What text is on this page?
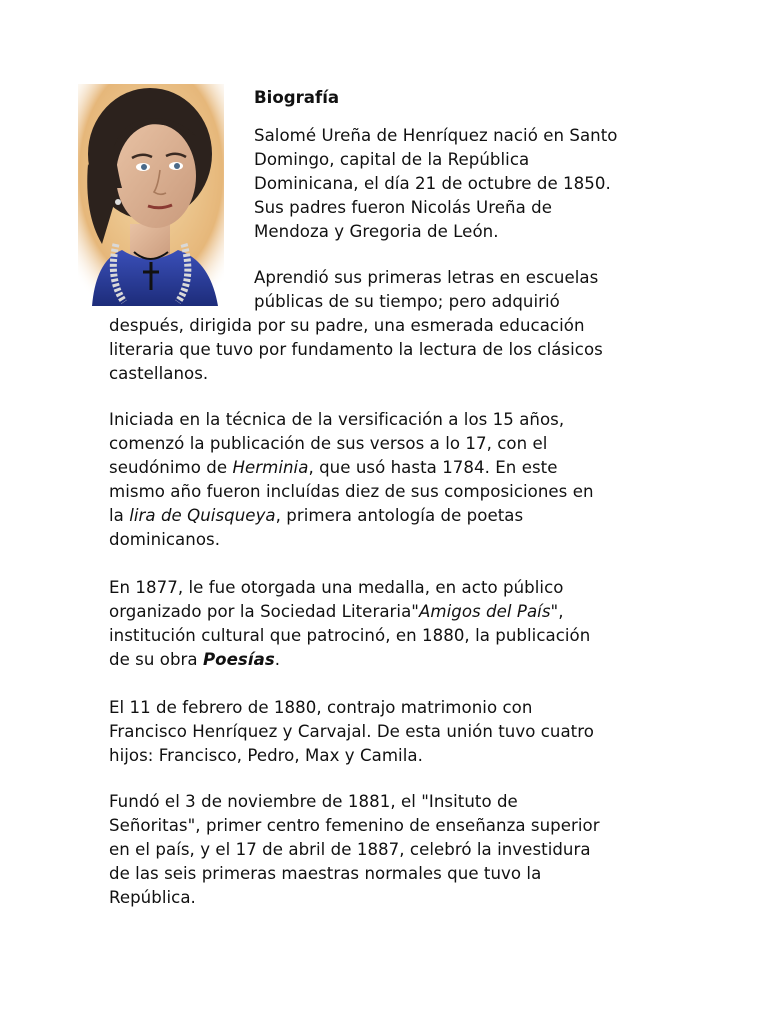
Biografía
Salomé Ureña de Henríquez nació en Santo
Domingo, capital de la República
Dominicana, el día 21 de octubre de 1850.
Sus padres fueron Nicolás Ureña de
Mendoza y Gregoria de León.
Aprendió sus primeras letras en escuelas
públicas de su tiempo; pero adquirió
después, dirigida por su padre, una esmerada educación
literaria que tuvo por fundamento la lectura de los clásicos
castellanos.
Iniciada en la técnica de la versificación a los 15 años,
comenzó la publicación de sus versos a lo 17, con el
seudónimo de Herminia, que usó hasta 1784. En este
mismo año fueron incluídas diez de sus composiciones en
la lira de Quisqueya, primera antología de poetas
dominicanos.
En 1877, le fue otorgada una medalla, en acto público
organizado por la Sociedad Literaria"Amigos del País",
institución cultural que patrocinó, en 1880, la publicación
de su obra Poesías.
El 11 de febrero de 1880, contrajo matrimonio con
Francisco Henríquez y Carvajal. De esta unión tuvo cuatro
hijos: Francisco, Pedro, Max y Camila.
Fundó el 3 de noviembre de 1881, el "Insituto de
Señoritas", primer centro femenino de enseñanza superior
en el país, y el 17 de abril de 1887, celebró la investidura
de las seis primeras maestras normales que tuvo la
República.
